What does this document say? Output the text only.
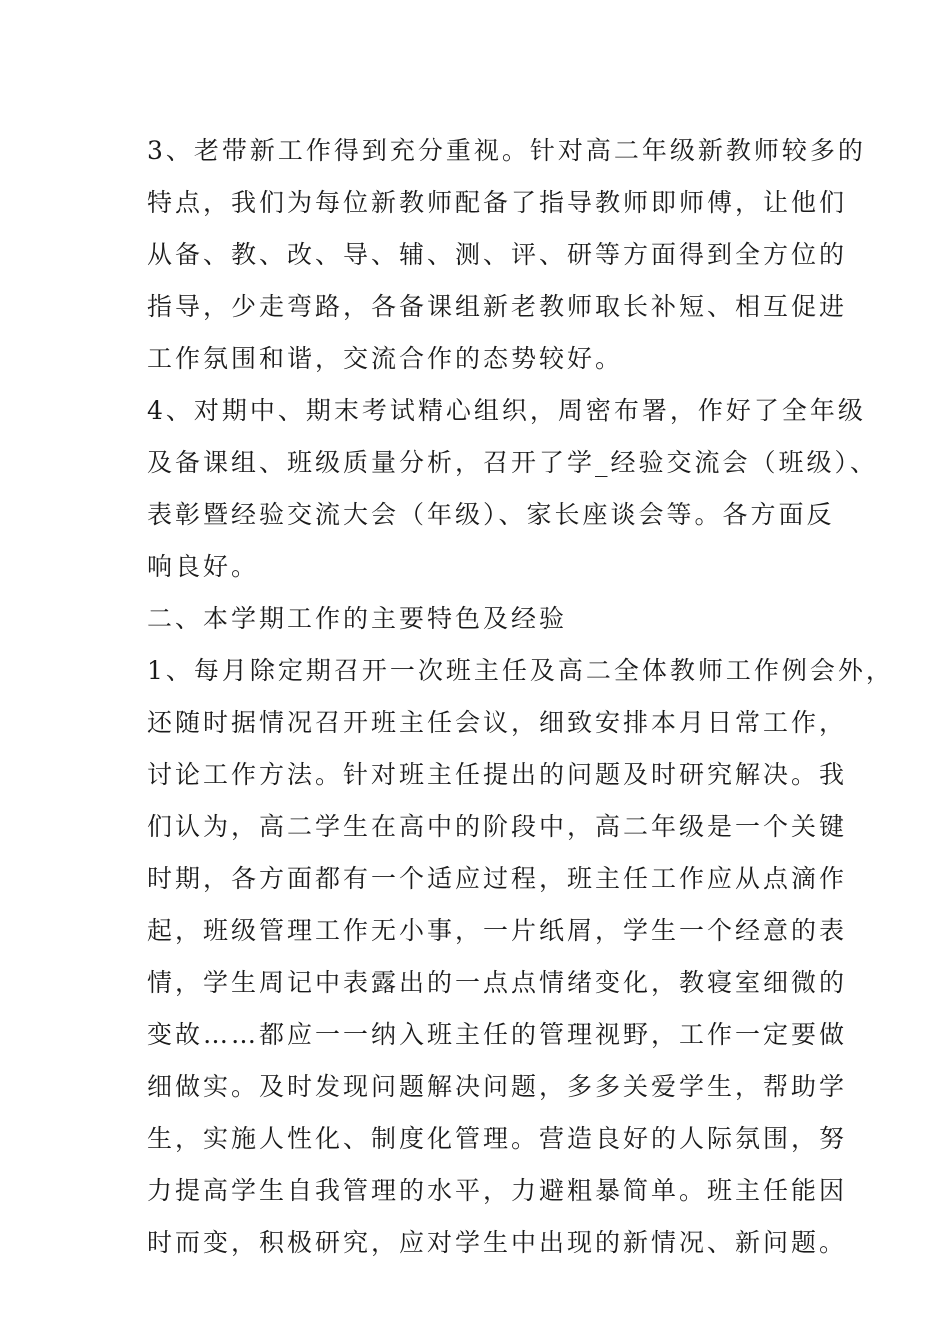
3、老带新工作得到充分重视。针对高二年级新教师较多的
特点，我们为每位新教师配备了指导教师即师傅，让他们
从备、教、改、导、辅、测、评、研等方面得到全方位的
指导，少走弯路，各备课组新老教师取长补短、相互促进
工作氛围和谐，交流合作的态势较好。
4、对期中、期末考试精心组织，周密布署，作好了全年级
及备课组、班级质量分析，召开了学_经验交流会（班级）、
表彰暨经验交流大会（年级）、家长座谈会等。各方面反
响良好。
二、本学期工作的主要特色及经验
1、每月除定期召开一次班主任及高二全体教师工作例会外，
还随时据情况召开班主任会议，细致安排本月日常工作，
讨论工作方法。针对班主任提出的问题及时研究解决。我
们认为，高二学生在高中的阶段中，高二年级是一个关键
时期，各方面都有一个适应过程，班主任工作应从点滴作
起，班级管理工作无小事，一片纸屑，学生一个经意的表
情，学生周记中表露出的一点点情绪变化，教寝室细微的
变故……都应一一纳入班主任的管理视野，工作一定要做
细做实。及时发现问题解决问题，多多关爱学生，帮助学
生，实施人性化、制度化管理。营造良好的人际氛围，努
力提高学生自我管理的水平，力避粗暴简单。班主任能因
时而变，积极研究，应对学生中出现的新情况、新问题。
